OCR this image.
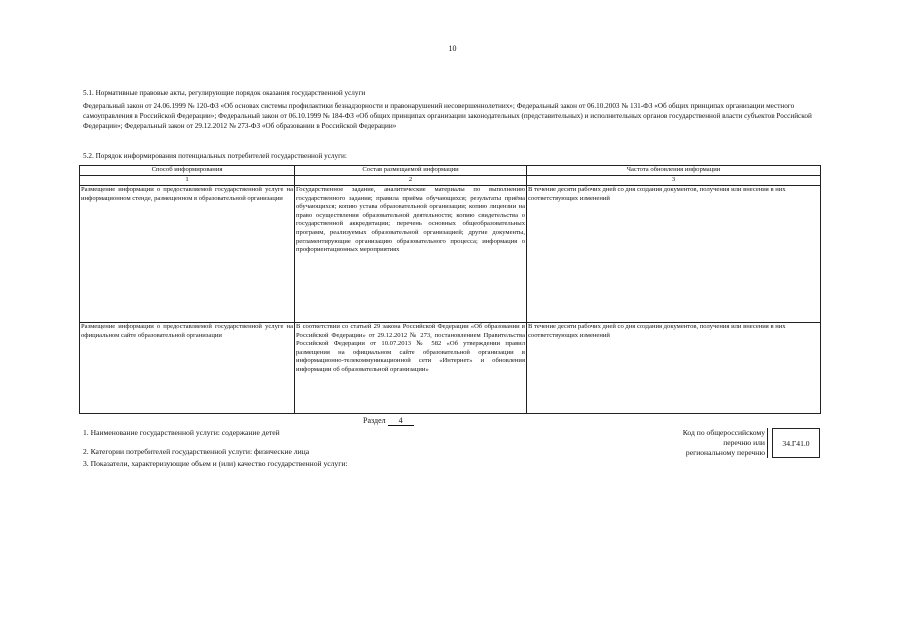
10
5.1. Нормативные правовые акты, регулирующие порядок оказания государственной услуги
Федеральный закон от 24.06.1999 № 120-ФЗ «Об основах системы профилактики безнадзорности и правонарушений несовершеннолетних»; Федеральный закон от 06.10.2003 № 131-ФЗ «Об общих принципах организации местного самоуправления в Российской Федерации»; Федеральный закон от 06.10.1999 № 184-ФЗ «Об общих принципах организации законодательных (представительных) и исполнительных органов государственной власти субъектов Российской Федерации»; Федеральный закон от 29.12.2012 № 273-ФЗ «Об образовании в Российской Федерации»
5.2. Порядок информирования потенциальных потребителей государственной услуги:
Способ информирования	Состав размещаемой информации	Частота обновления информации
1	2	3
Размещение информации о предоставляемой государственной услуге на информационном стенде, размещенном в образовательной организации	Государственное задание, аналитические материалы по выполнению государственного задания; правила приёма обучающихся; результаты приёма обучающихся; копию устава образовательной организации; копию лицензии на право осуществления образовательной деятельности; копию свидетельства о государственной аккредитации; перечень основных общеобразовательных программ, реализуемых образовательной организацией; другие документы, регламентирующие организацию образовательного процесса; информация о профориентационных мероприятиях	В течение десяти рабочих дней со дня создания документов, получения или внесения в них соответствующих изменений
Размещение информации о предоставляемой государственной услуге на официальном сайте образовательной организации	В соответствии со статьей 29 закона Российской Федерации «Об образовании в Российской Федерации» от 29.12.2012 № 273, постановлением Правительства Российской Федерации от 10.07.2013 № 582 «Об утверждении правил размещения на официальном сайте образовательной организации в информационно-телекоммуникационной сети «Интернет» и обновления информации об образовательной организации»	В течение десяти рабочих дней со дня создания документов, получения или внесения в них соответствующих изменений
Раздел 4
1. Наименование государственной услуги: содержание детей
2. Категории потребителей государственной услуги: физические лица
3. Показатели, характеризующие объем и (или) качество государственной услуги:
Код по общероссийскому
перечню или
региональному перечню
34.Г41.0
